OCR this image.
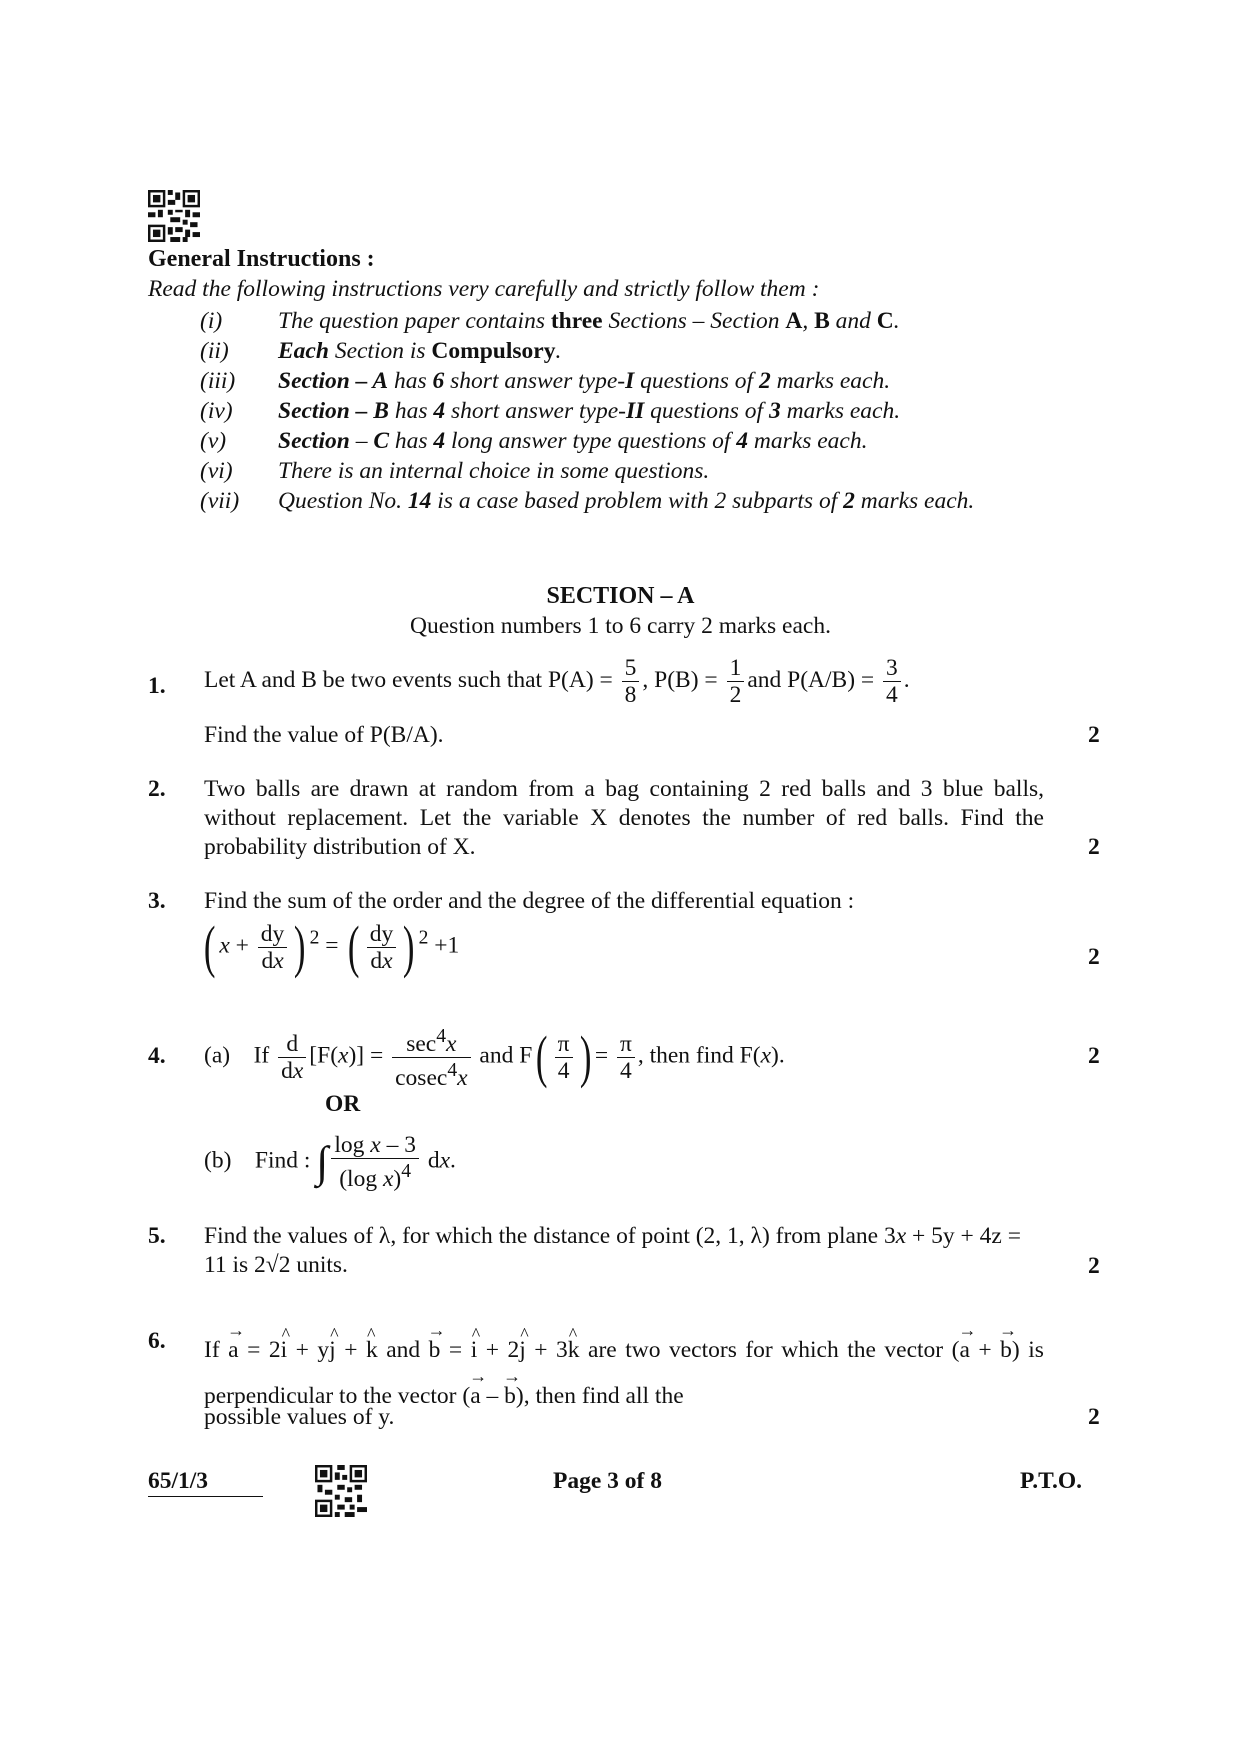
General Instructions :
Read the following instructions very carefully and strictly follow them :
(i)	The question paper contains three Sections – Section A, B and C.
(ii)	Each Section is Compulsory.
(iii)	Section – A has 6 short answer type-I questions of 2 marks each.
(iv)	Section – B has 4 short answer type-II questions of 3 marks each.
(v)	Section – C has 4 long answer type questions of 4 marks each.
(vi)	There is an internal choice in some questions.
(vii)	Question No. 14 is a case based problem with 2 subparts of 2 marks each.
SECTION – A
Question numbers 1 to 6 carry 2 marks each.
1. Let A and B be two events such that $P(A) = \frac{5}{8}$ , $P(B) = \frac{1}{2}$ and $P(A/B) = \frac{3}{4}$ .
Find the value of P(B/A).	2
2. Two balls are drawn at random from a bag containing 2 red balls and 3 blue balls, without replacement. Let the variable X denotes the number of red balls. Find the probability distribution of X.	2
3. Find the sum of the order and the degree of the differential equation :
( $x + \frac{dy}{dx}$ ) $^2$ = ( $\frac{dy}{dx}$ ) $^2$ +1	2
4. (a)    If $\frac{d}{dx} [F(x)] = \frac{\sec^4x}{cosec^4x}$ and $F( \frac{\pi}{4}$ ) = $\frac{\pi}{4}$ , then find F(x).	2
OR
(b)    Find : ∫ $\frac{\text{log x – 3}}{(\log x)^4}$ dx.
5. Find the values of λ, for which the distance of point (2, 1, λ) from plane 3x + 5y + 4z = 11 is 2√2 units.	2
6. If → a = 2^ i + y^ j + ^ k and → b = ^ i + 2^ j + 3^ k are two vectors for which the vector (→ a + → b) is perpendicular to the vector (→ a – → b), then find all the
possible values of y.	2
65/1/3	Page 3 of 8	P.T.O.
